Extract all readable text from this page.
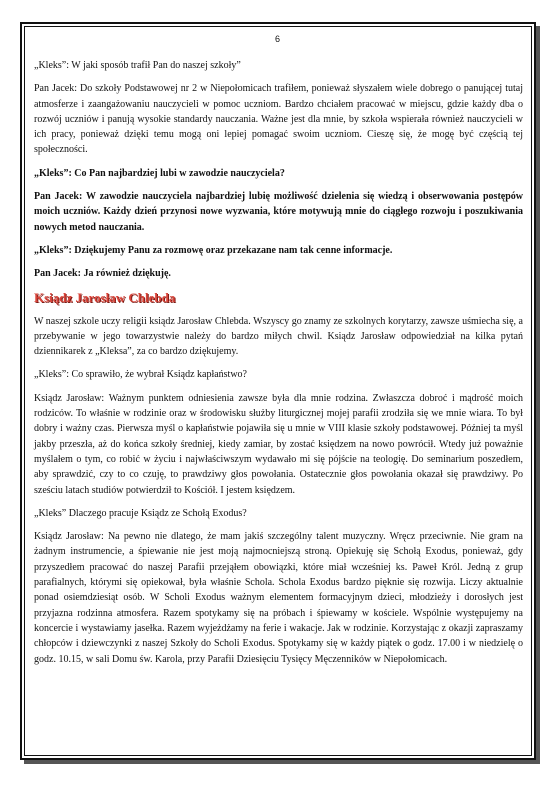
6

„Kleks”: W jaki sposób trafił Pan do naszej szkoły”

Pan Jacek: Do szkoły Podstawowej nr 2 w Niepołomicach trafiłem, ponieważ słyszałem wiele dobrego o panującej tutaj atmosferze i zaangażowaniu nauczycieli w pomoc uczniom. Bardzo chciałem pracować w miejscu, gdzie każdy dba o rozwój uczniów i panują wysokie standardy nauczania. Ważne jest dla mnie, by szkoła wspierała również nauczycieli w ich pracy, ponieważ dzięki temu mogą oni lepiej pomagać swoim uczniom. Cieszę się, że mogę być częścią tej społeczności.

„Kleks”: Co Pan najbardziej lubi w zawodzie nauczyciela?

Pan Jacek: W zawodzie nauczyciela najbardziej lubię możliwość dzielenia się wiedzą i obserwowania postępów moich uczniów. Każdy dzień przynosi nowe wyzwania, które motywują mnie do ciągłego rozwoju i poszukiwania nowych metod nauczania.

„Kleks”: Dziękujemy Panu za rozmowę oraz przekazane nam tak cenne informacje.

Pan Jacek: Ja również dziękuję.

Ksiądz Jarosław Chlebda

W naszej szkole uczy religii ksiądz Jarosław Chlebda. Wszyscy go znamy ze szkolnych korytarzy, zawsze uśmiecha się, a przebywanie w jego towarzystwie należy do bardzo miłych chwil. Ksiądz Jarosław odpowiedział na kilka pytań dziennikarek z „Kleksa”, za co bardzo dziękujemy.

„Kleks”: Co sprawiło, że wybrał Ksiądz kapłaństwo?

Ksiądz Jarosław: Ważnym punktem odniesienia zawsze była dla mnie rodzina. Zwłaszcza dobroć i mądrość moich rodziców. To właśnie w rodzinie oraz w środowisku służby liturgicznej mojej parafii zrodziła się we mnie wiara. To był dobry i ważny czas. Pierwsza myśl o kapłaństwie pojawiła się u mnie w VIII klasie szkoły podstawowej. Później ta myśl jakby przeszła, aż do końca szkoły średniej, kiedy zamiar, by zostać księdzem na nowo powrócił. Wtedy już poważnie myślałem o tym, co robić w życiu i najwłaściwszym wydawało mi się pójście na teologię. Do seminarium poszedłem, aby sprawdzić, czy to co czuję, to prawdziwy głos powołania. Ostatecznie głos powołania okazał się prawdziwy. Po sześciu latach studiów potwierdził to Kościół. I jestem księdzem.

„Kleks” Dlaczego pracuje Ksiądz ze Schołą Exodus?

Ksiądz Jarosław: Na pewno nie dlatego, że mam jakiś szczególny talent muzyczny. Wręcz przeciwnie. Nie gram na żadnym instrumencie, a śpiewanie nie jest moją najmocniejszą stroną. Opiekuję się Schołą Exodus, ponieważ, gdy przyszedłem pracować do naszej Parafii przejąłem obowiązki, które miał wcześniej ks. Paweł Król. Jedną z grup parafialnych, którymi się opiekował, była właśnie Schola. Schola Exodus bardzo pięknie się rozwija. Liczy aktualnie ponad osiemdziesiąt osób. W Scholi Exodus ważnym elementem formacyjnym dzieci, młodzieży i dorosłych jest przyjazna rodzinna atmosfera. Razem spotykamy się na próbach i śpiewamy w kościele. Wspólnie występujemy na koncercie i wystawiamy jasełka. Razem wyjeżdżamy na ferie i wakacje. Jak w rodzinie. Korzystając z okazji zapraszamy chłopców i dziewczynki z naszej Szkoły do Scholi Exodus. Spotykamy się w każdy piątek o godz. 17.00 i w niedzielę o godz. 10.15, w sali Domu św. Karola, przy Parafii Dziesięciu Tysięcy Męczenników w Niepołomicach.
